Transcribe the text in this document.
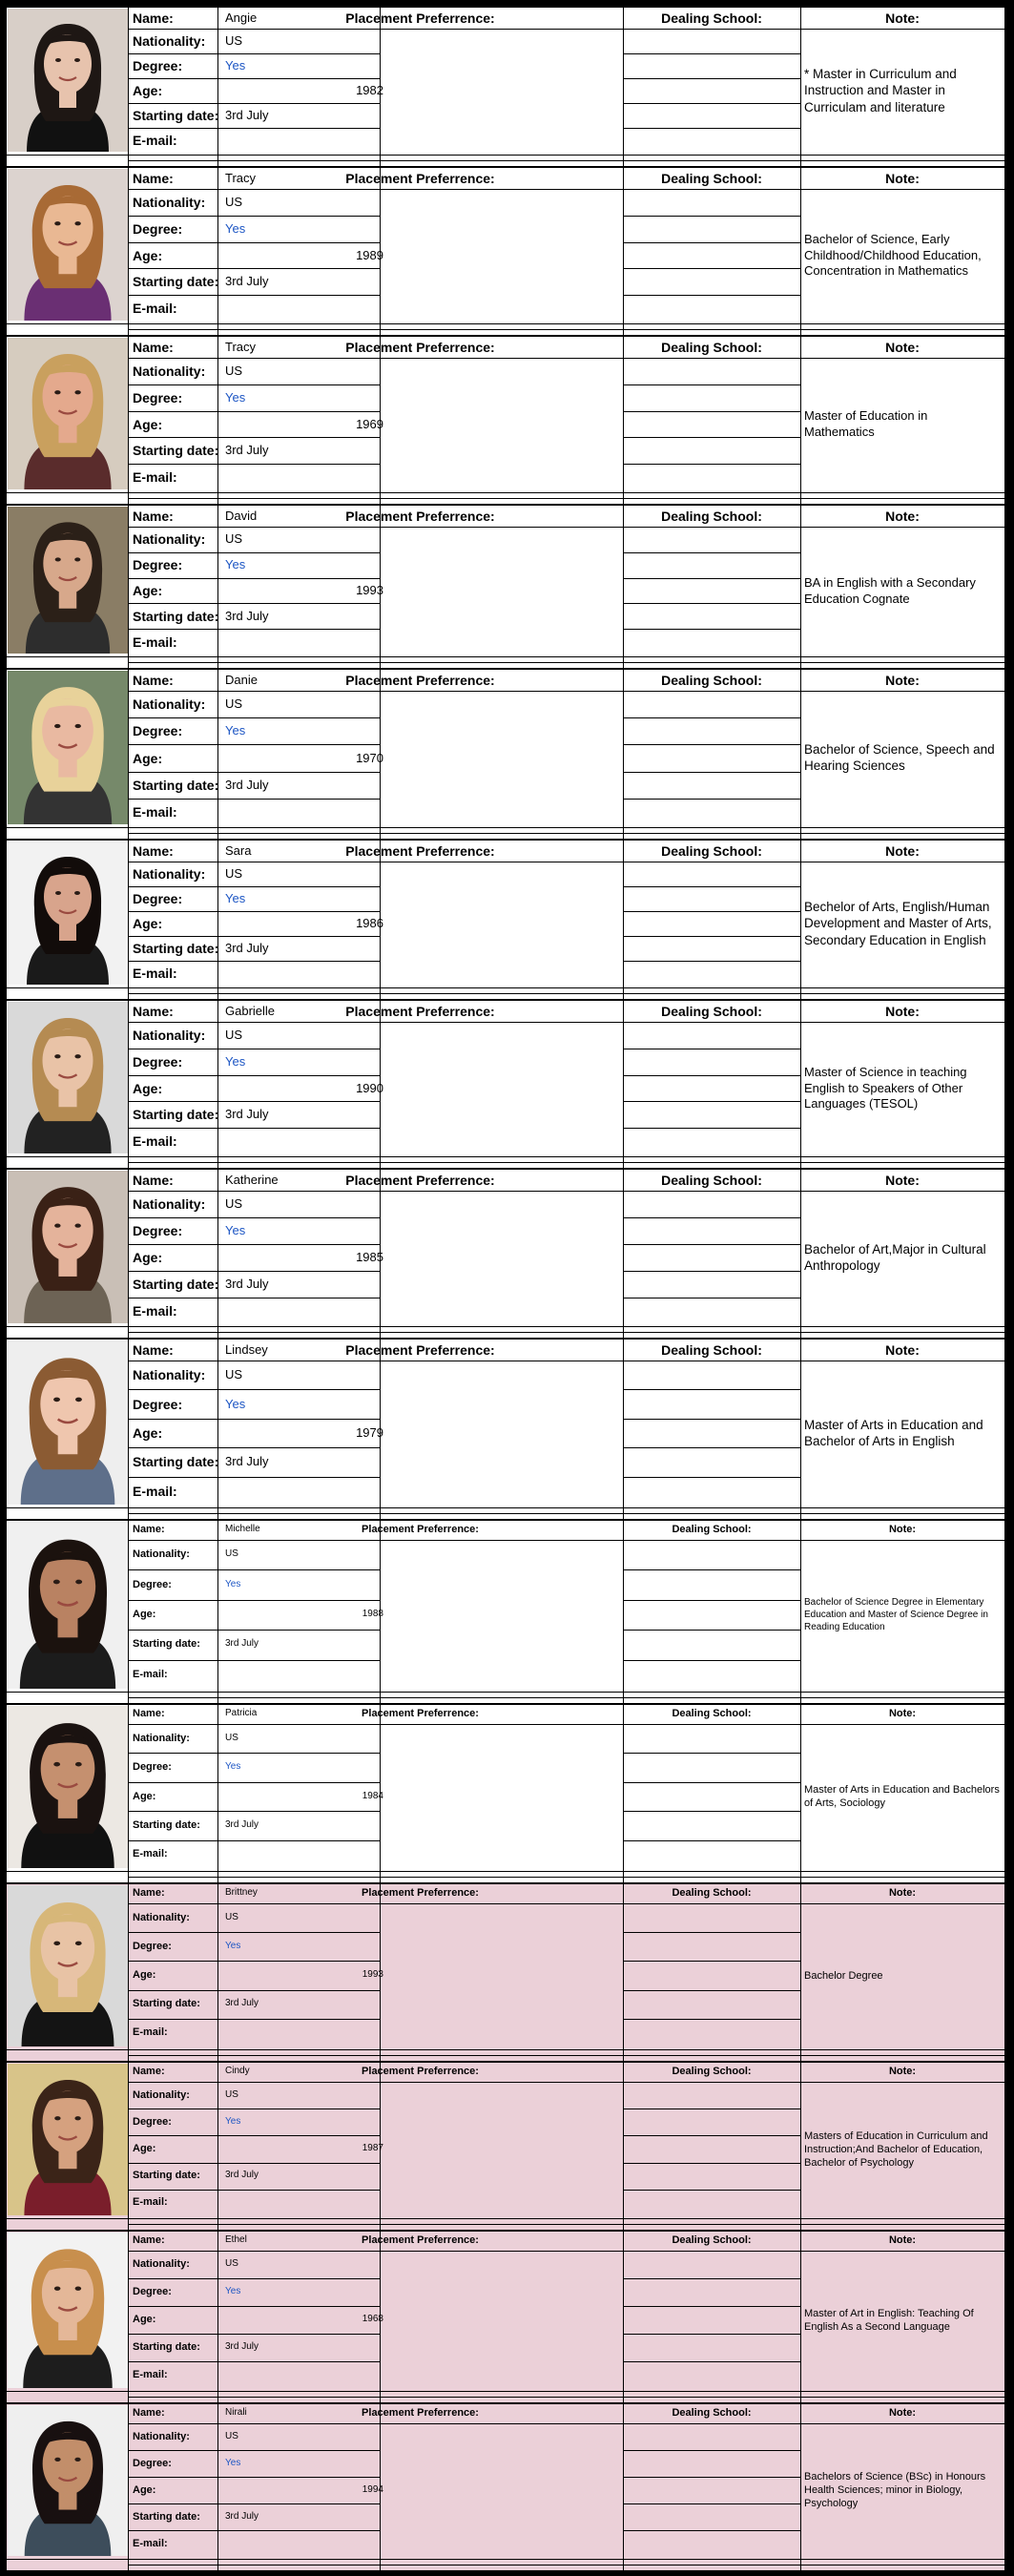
Name:	Angie
Nationality:	US
Degree:	Yes
Age:	1982
Starting date: 3rd July
E-mail:
Placement Preferrence:	Dealing School:	Note:
* Master in Curriculum and Instruction and Master in Curriculam and literature
Name:	Tracy
Nationality:	US
Degree:	Yes
Age:	1989
Starting date: 3rd July
E-mail:
Placement Preferrence:	Dealing School:	Note:
Bachelor of Science, Early Childhood/Childhood Education, Concentration in Mathematics
Name:	Tracy
Nationality:	US
Degree:	Yes
Age:	1969
Starting date: 3rd July
E-mail:
Placement Preferrence:	Dealing School:	Note:
Master of Education in Mathematics
Name:	David
Nationality:	US
Degree:	Yes
Age:	1993
Starting date: 3rd July
E-mail:
Placement Preferrence:	Dealing School:	Note:
BA in English with a Secondary Education Cognate
Name:	Danie
Nationality:	US
Degree:	Yes
Age:	1970
Starting date: 3rd July
E-mail:
Placement Preferrence:	Dealing School:	Note:
Bachelor of Science, Speech and Hearing Sciences
Name:	Sara
Nationality:	US
Degree:	Yes
Age:	1986
Starting date: 3rd July
E-mail:
Placement Preferrence:	Dealing School:	Note:
Bechelor of Arts, English/Human Development and Master of Arts, Secondary Education in English
Name:	Gabrielle
Nationality:	US
Degree:	Yes
Age:	1990
Starting date: 3rd July
E-mail:
Placement Preferrence:	Dealing School:	Note:
Master of Science in teaching English to Speakers of Other Languages (TESOL)
Name:	Katherine
Nationality:	US
Degree:	Yes
Age:	1985
Starting date: 3rd July
E-mail:
Placement Preferrence:	Dealing School:	Note:
Bachelor of Art,Major in Cultural Anthropology
Name:	Lindsey
Nationality:	US
Degree:	Yes
Age:	1979
Starting date: 3rd July
E-mail:
Placement Preferrence:	Dealing School:	Note:
Master of Arts in Education and Bachelor of Arts in English
Name:	Michelle
Nationality:	US
Degree:	Yes
Age:	1988
Starting date:	3rd July
E-mail:
Placement Preferrence:	Dealing School:	Note:
Bachelor of Science Degree in Elementary Education and Master of Science Degree in Reading Education
Name:	Patricia
Nationality:	US
Degree:	Yes
Age:	1984
Starting date:	3rd July
E-mail:
Placement Preferrence:	Dealing School:	Note:
Master of Arts in Education and Bachelors of Arts, Sociology
Name:	Brittney
Nationality:	US
Degree:	Yes
Age:	1993
Starting date:	3rd July
E-mail:
Placement Preferrence:	Dealing School:	Note:
Bachelor Degree
Name:	Cindy
Nationality:	US
Degree:	Yes
Age:	1987
Starting date:	3rd July
E-mail:
Placement Preferrence:	Dealing School:	Note:
Masters of Education in Curriculum and Instruction;And Bachelor of Education, Bachelor of Psychology
Name:	Ethel
Nationality:	US
Degree:	Yes
Age:	1968
Starting date:	3rd July
E-mail:
Placement Preferrence:	Dealing School:	Note:
Master of Art in English: Teaching Of English As a Second Language
Name:	Nirali
Nationality:	US
Degree:	Yes
Age:	1994
Starting date:	3rd July
E-mail:
Placement Preferrence:	Dealing School:	Note:
Bachelors of Science (BSc) in Honours Health Sciences; minor in Biology, Psychology
